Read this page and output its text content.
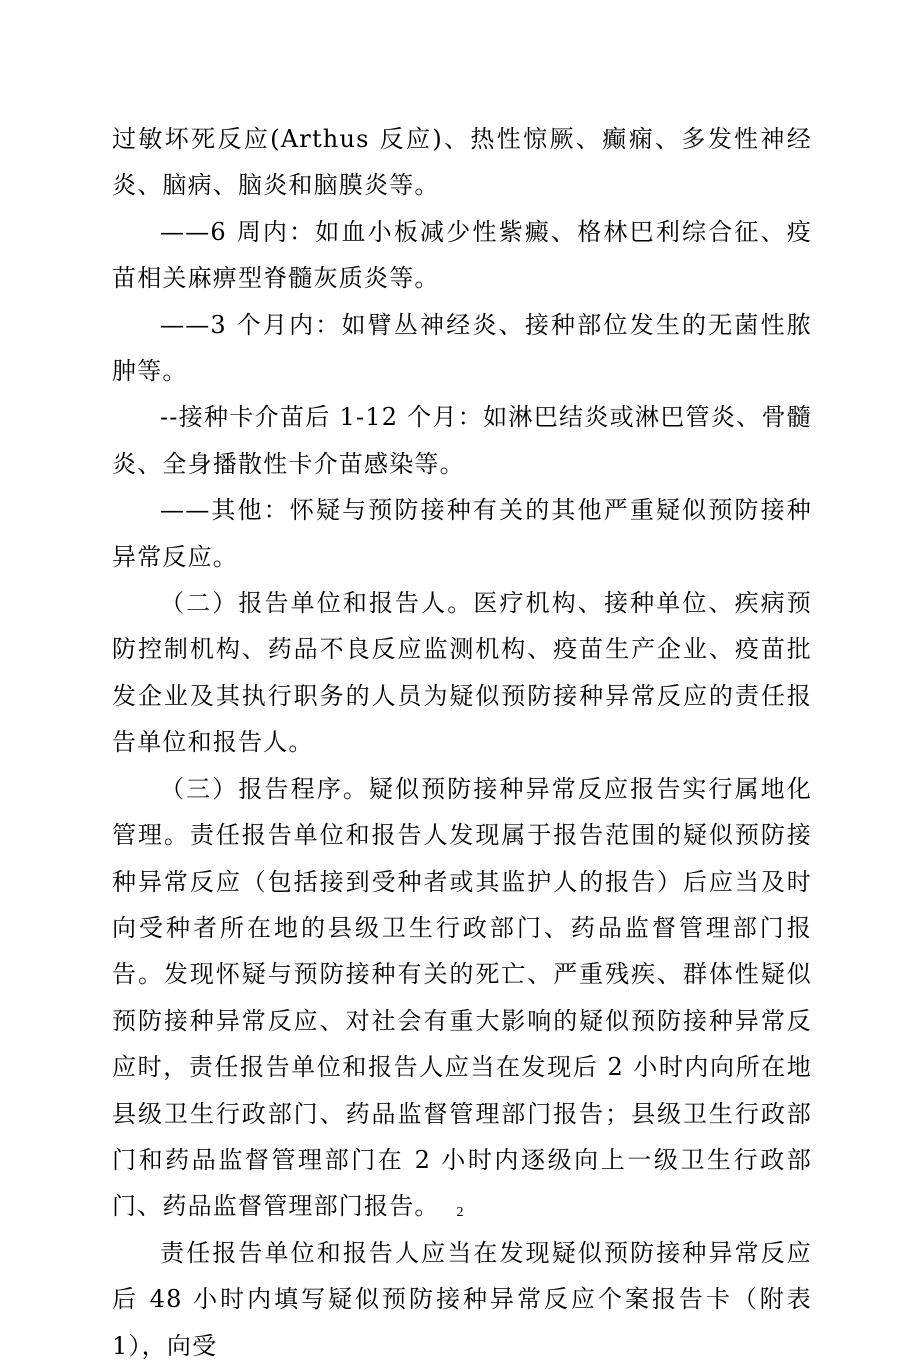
过敏坏死反应(Arthus 反应)、热性惊厥、癫痫、多发性神经炎、脑病、脑炎和脑膜炎等。

——6 周内：如血小板减少性紫癜、格林巴利综合征、疫苗相关麻痹型脊髓灰质炎等。

——3 个月内：如臂丛神经炎、接种部位发生的无菌性脓肿等。

--接种卡介苗后 1-12 个月：如淋巴结炎或淋巴管炎、骨髓炎、全身播散性卡介苗感染等。

——其他：怀疑与预防接种有关的其他严重疑似预防接种异常反应。

（二）报告单位和报告人。医疗机构、接种单位、疾病预防控制机构、药品不良反应监测机构、疫苗生产企业、疫苗批发企业及其执行职务的人员为疑似预防接种异常反应的责任报告单位和报告人。

（三）报告程序。疑似预防接种异常反应报告实行属地化管理。责任报告单位和报告人发现属于报告范围的疑似预防接种异常反应（包括接到受种者或其监护人的报告）后应当及时向受种者所在地的县级卫生行政部门、药品监督管理部门报告。发现怀疑与预防接种有关的死亡、严重残疾、群体性疑似预防接种异常反应、对社会有重大影响的疑似预防接种异常反应时，责任报告单位和报告人应当在发现后 2 小时内向所在地县级卫生行政部门、药品监督管理部门报告；县级卫生行政部门和药品监督管理部门在 2 小时内逐级向上一级卫生行政部门、药品监督管理部门报告。

责任报告单位和报告人应当在发现疑似预防接种异常反应后 48 小时内填写疑似预防接种异常反应个案报告卡（附表 1），向受

2
